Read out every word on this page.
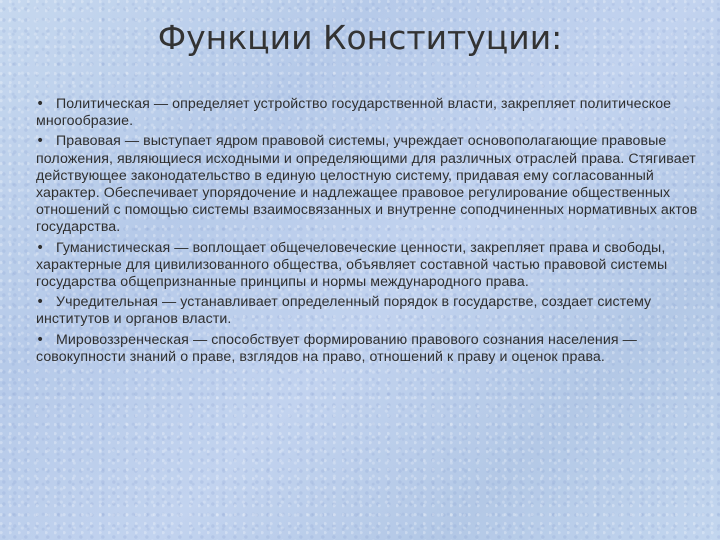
Функции Конституции:

• Политическая — определяет устройство государственной власти, закрепляет политическое многообразие.

• Правовая — выступает ядром правовой системы, учреждает основополагающие правовые положения, являющиеся исходными и определяющими для различных отраслей права. Стягивает действующее законодательство в единую целостную систему, придавая ему согласованный характер. Обеспечивает упорядочение и надлежащее правовое регулирование общественных отношений с помощью системы взаимосвязанных и внутренне соподчиненных нормативных актов государства.

• Гуманистическая — воплощает общечеловеческие ценности, закрепляет права и свободы, характерные для цивилизованного общества, объявляет составной частью правовой системы государства общепризнанные принципы и нормы международного права.

• Учредительная — устанавливает определенный порядок в государстве, создает систему институтов и органов власти.

• Мировоззренческая — способствует формированию правового сознания населения — совокупности знаний о праве, взглядов на право, отношений к праву и оценок права.
